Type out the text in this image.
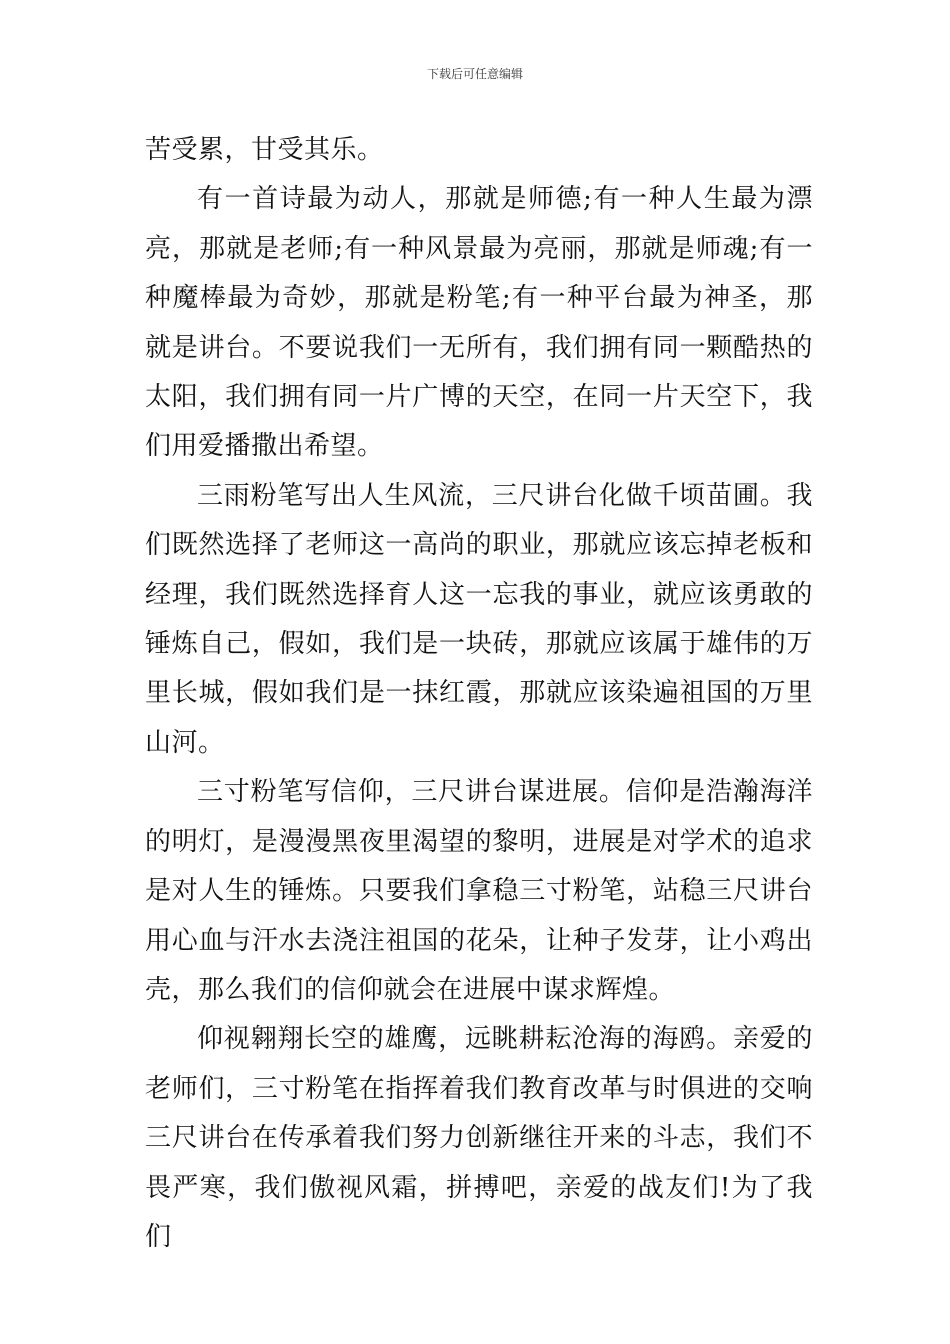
下载后可任意编辑

苦受累，甘受其乐。

有一首诗最为动人，那就是师德;有一种人生最为漂亮，那就是老师;有一种风景最为亮丽，那就是师魂;有一种魔棒最为奇妙，那就是粉笔;有一种平台最为神圣，那就是讲台。不要说我们一无所有，我们拥有同一颗酷热的太阳，我们拥有同一片广博的天空，在同一片天空下，我们用爱播撒出希望。

三雨粉笔写出人生风流，三尺讲台化做千顷苗圃。我们既然选择了老师这一高尚的职业，那就应该忘掉老板和经理，我们既然选择育人这一忘我的事业，就应该勇敢的锤炼自己，假如，我们是一块砖，那就应该属于雄伟的万里长城，假如我们是一抹红霞，那就应该染遍祖国的万里山河。

三寸粉笔写信仰，三尺讲台谋进展。信仰是浩瀚海洋的明灯，是漫漫黑夜里渴望的黎明，进展是对学术的追求是对人生的锤炼。只要我们拿稳三寸粉笔，站稳三尺讲台用心血与汗水去浇注祖国的花朵，让种子发芽，让小鸡出壳，那么我们的信仰就会在进展中谋求辉煌。

仰视翱翔长空的雄鹰，远眺耕耘沧海的海鸥。亲爱的老师们，三寸粉笔在指挥着我们教育改革与时俱进的交响三尺讲台在传承着我们努力创新继往开来的斗志，我们不畏严寒，我们傲视风霜，拼搏吧，亲爱的战友们!为了我们
